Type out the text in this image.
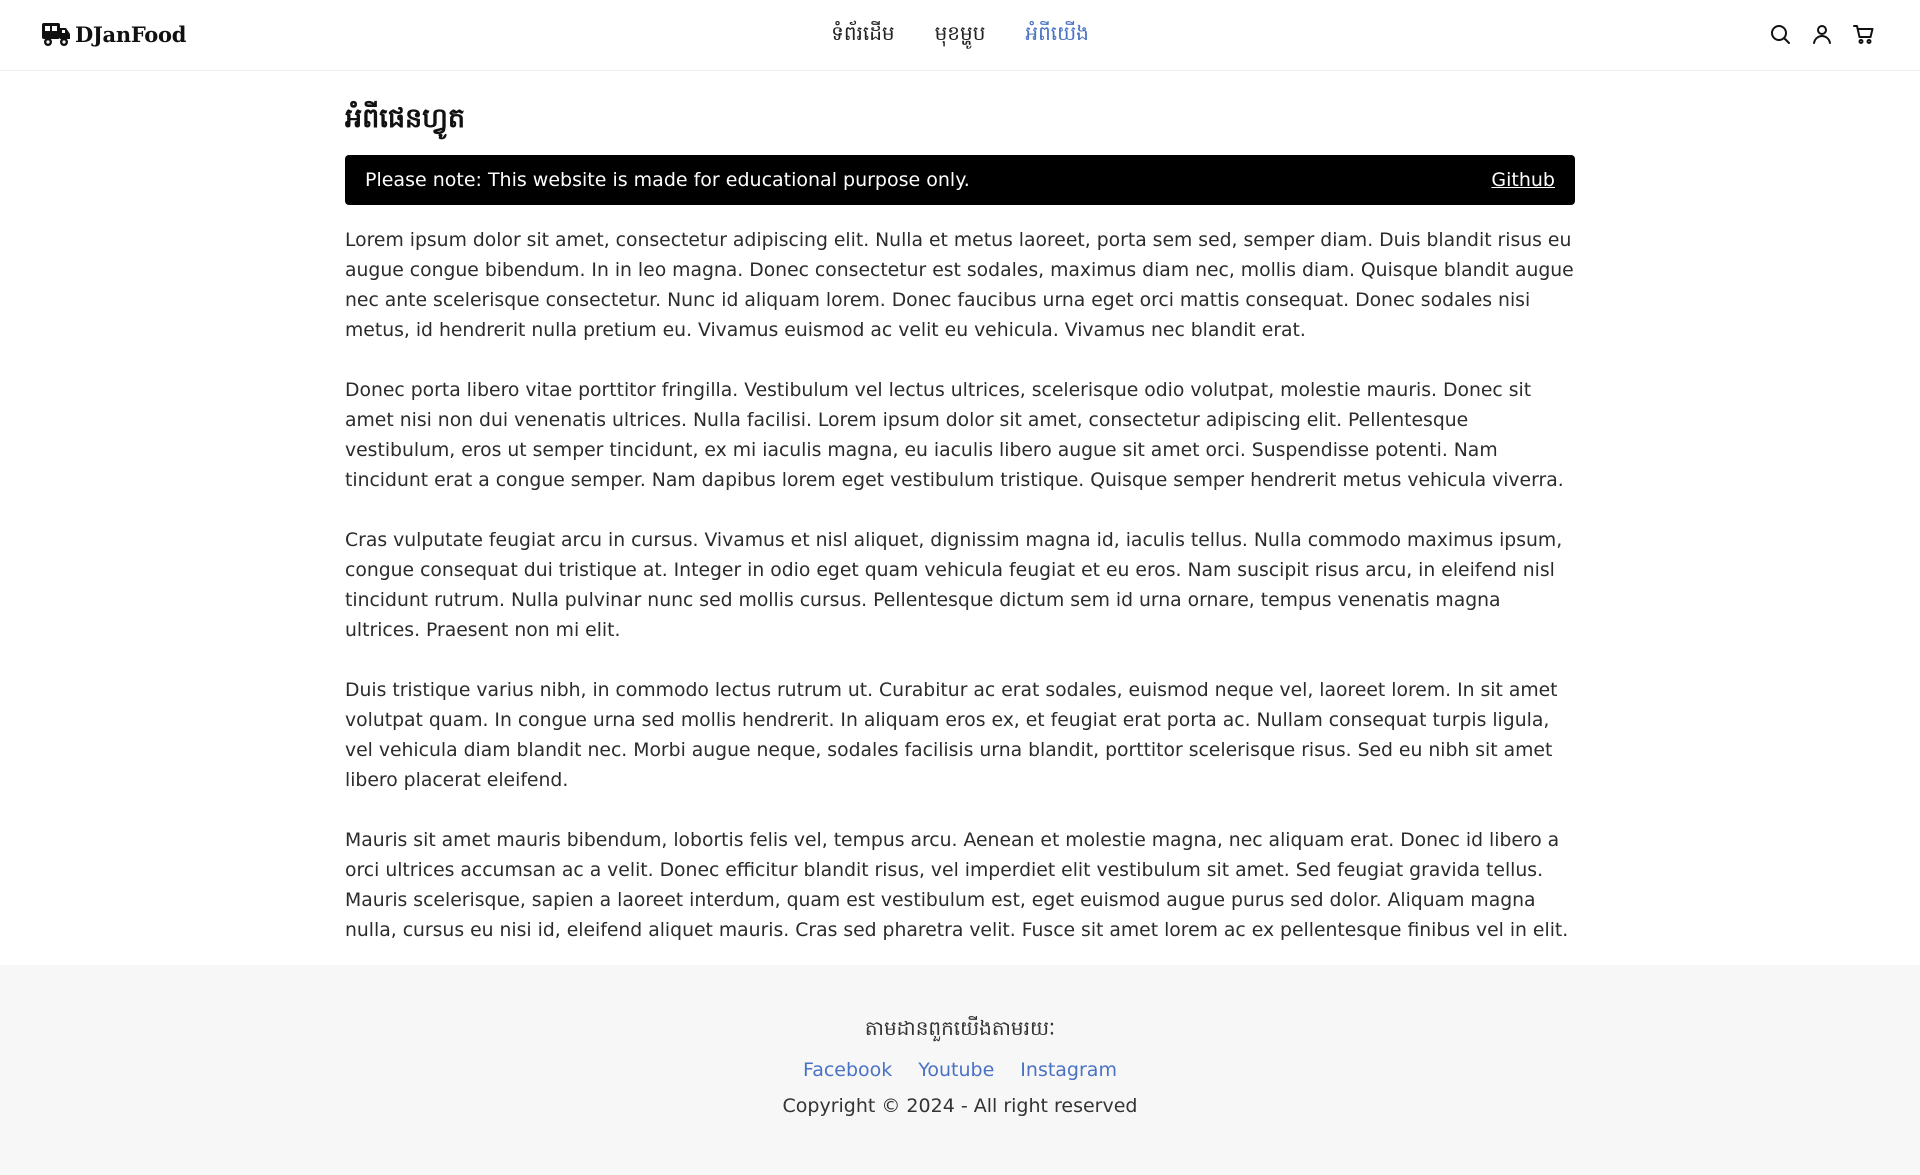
DJanFood	ទំព័រដើម មុខម្ហូប អំពីយើង
អំពីផេនហ្វូត
Please note: This website is made for educational purpose only.	Github

Lorem ipsum dolor sit amet, consectetur adipiscing elit. Nulla et metus laoreet, porta sem sed, semper diam. Duis blandit risus eu augue congue bibendum. In in leo magna. Donec consectetur est sodales, maximus diam nec, mollis diam. Quisque blandit augue nec ante scelerisque consectetur. Nunc id aliquam lorem. Donec faucibus urna eget orci mattis consequat. Donec sodales nisi metus, id hendrerit nulla pretium eu. Vivamus euismod ac velit eu vehicula. Vivamus nec blandit erat.

Donec porta libero vitae porttitor fringilla. Vestibulum vel lectus ultrices, scelerisque odio volutpat, molestie mauris. Donec sit amet nisi non dui venenatis ultrices. Nulla facilisi. Lorem ipsum dolor sit amet, consectetur adipiscing elit. Pellentesque vestibulum, eros ut semper tincidunt, ex mi iaculis magna, eu iaculis libero augue sit amet orci. Suspendisse potenti. Nam tincidunt erat a congue semper. Nam dapibus lorem eget vestibulum tristique. Quisque semper hendrerit metus vehicula viverra.

Cras vulputate feugiat arcu in cursus. Vivamus et nisl aliquet, dignissim magna id, iaculis tellus. Nulla commodo maximus ipsum, congue consequat dui tristique at. Integer in odio eget quam vehicula feugiat et eu eros. Nam suscipit risus arcu, in eleifend nisl tincidunt rutrum. Nulla pulvinar nunc sed mollis cursus. Pellentesque dictum sem id urna ornare, tempus venenatis magna ultrices. Praesent non mi elit.

Duis tristique varius nibh, in commodo lectus rutrum ut. Curabitur ac erat sodales, euismod neque vel, laoreet lorem. In sit amet volutpat quam. In congue urna sed mollis hendrerit. In aliquam eros ex, et feugiat erat porta ac. Nullam consequat turpis ligula, vel vehicula diam blandit nec. Morbi augue neque, sodales facilisis urna blandit, porttitor scelerisque risus. Sed eu nibh sit amet libero placerat eleifend.

Mauris sit amet mauris bibendum, lobortis felis vel, tempus arcu. Aenean et molestie magna, nec aliquam erat. Donec id libero a orci ultrices accumsan ac a velit. Donec efficitur blandit risus, vel imperdiet elit vestibulum sit amet. Sed feugiat gravida tellus. Mauris scelerisque, sapien a laoreet interdum, quam est vestibulum est, eget euismod augue purus sed dolor. Aliquam magna nulla, cursus eu nisi id, eleifend aliquet mauris. Cras sed pharetra velit. Fusce sit amet lorem ac ex pellentesque finibus vel in elit.

តាមដានពួកយើងតាមរយៈ
Facebook Youtube Instagram
Copyright © 2024 - All right reserved
